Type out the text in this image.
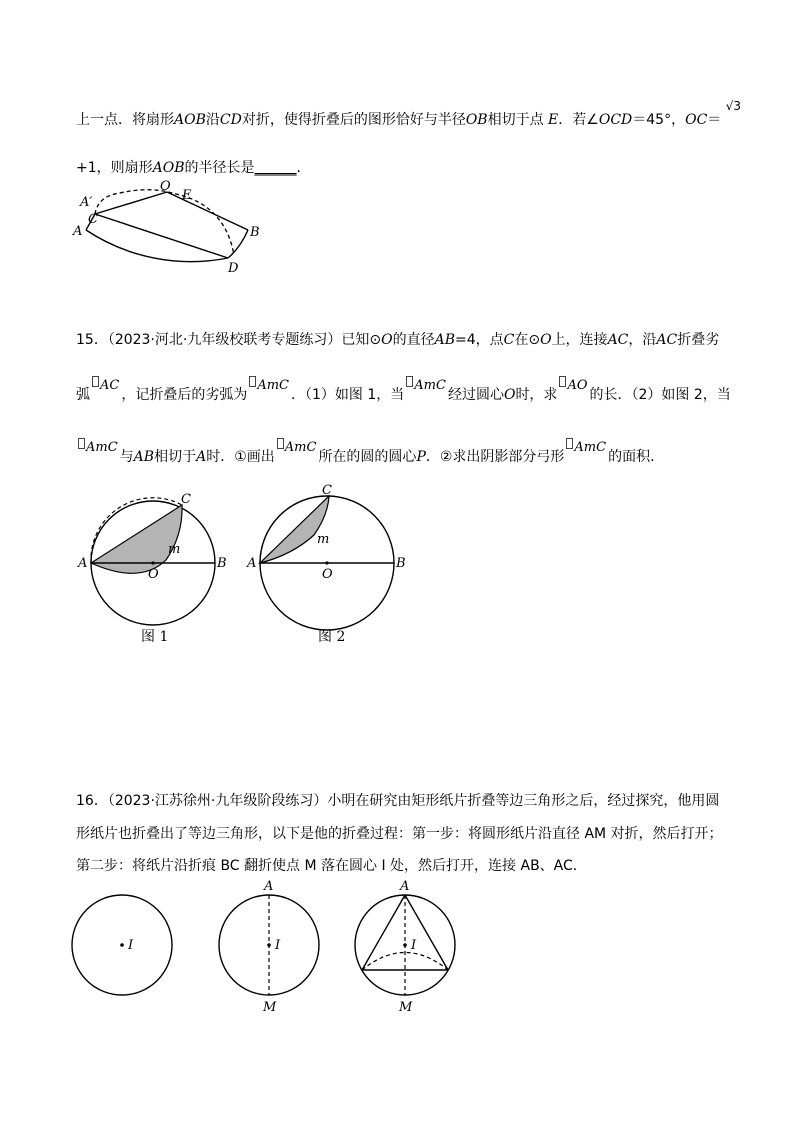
上一点．将扇形AOB沿CD对折，使得折叠后的图形恰好与半径OB相切于点 E．若∠OCD＝45°，OC＝ √3
+1，则扇形AOB的半径长是______．
O
E
A′
C
A	B
D
15．（2023·河北·九年级校联考专题练习）已知⊙O的直径AB=4，点C在⊙O上，连接AC，沿AC折叠劣
弧AC，记折叠后的劣弧为AmC．（1）如图 1，当AmC经过圆心O时，求AO的长．（2）如图 2，当
AmC与AB相切于A时．①画出AmC所在的圆的圆心P．②求出阴影部分弓形AmC的面积．
A	B
C
O
m
图 1
A	B
C
O
m
图 2
16．（2023·江苏徐州·九年级阶段练习）小明在研究由矩形纸片折叠等边三角形之后，经过探究，他用圆
形纸片也折叠出了等边三角形，以下是他的折叠过程：第一步：将圆形纸片沿直径 AM 对折，然后打开；
第二步：将纸片沿折痕 BC 翻折使点 M 落在圆心 I 处，然后打开，连接 AB、AC．
I
A
I
M
A
I
M
